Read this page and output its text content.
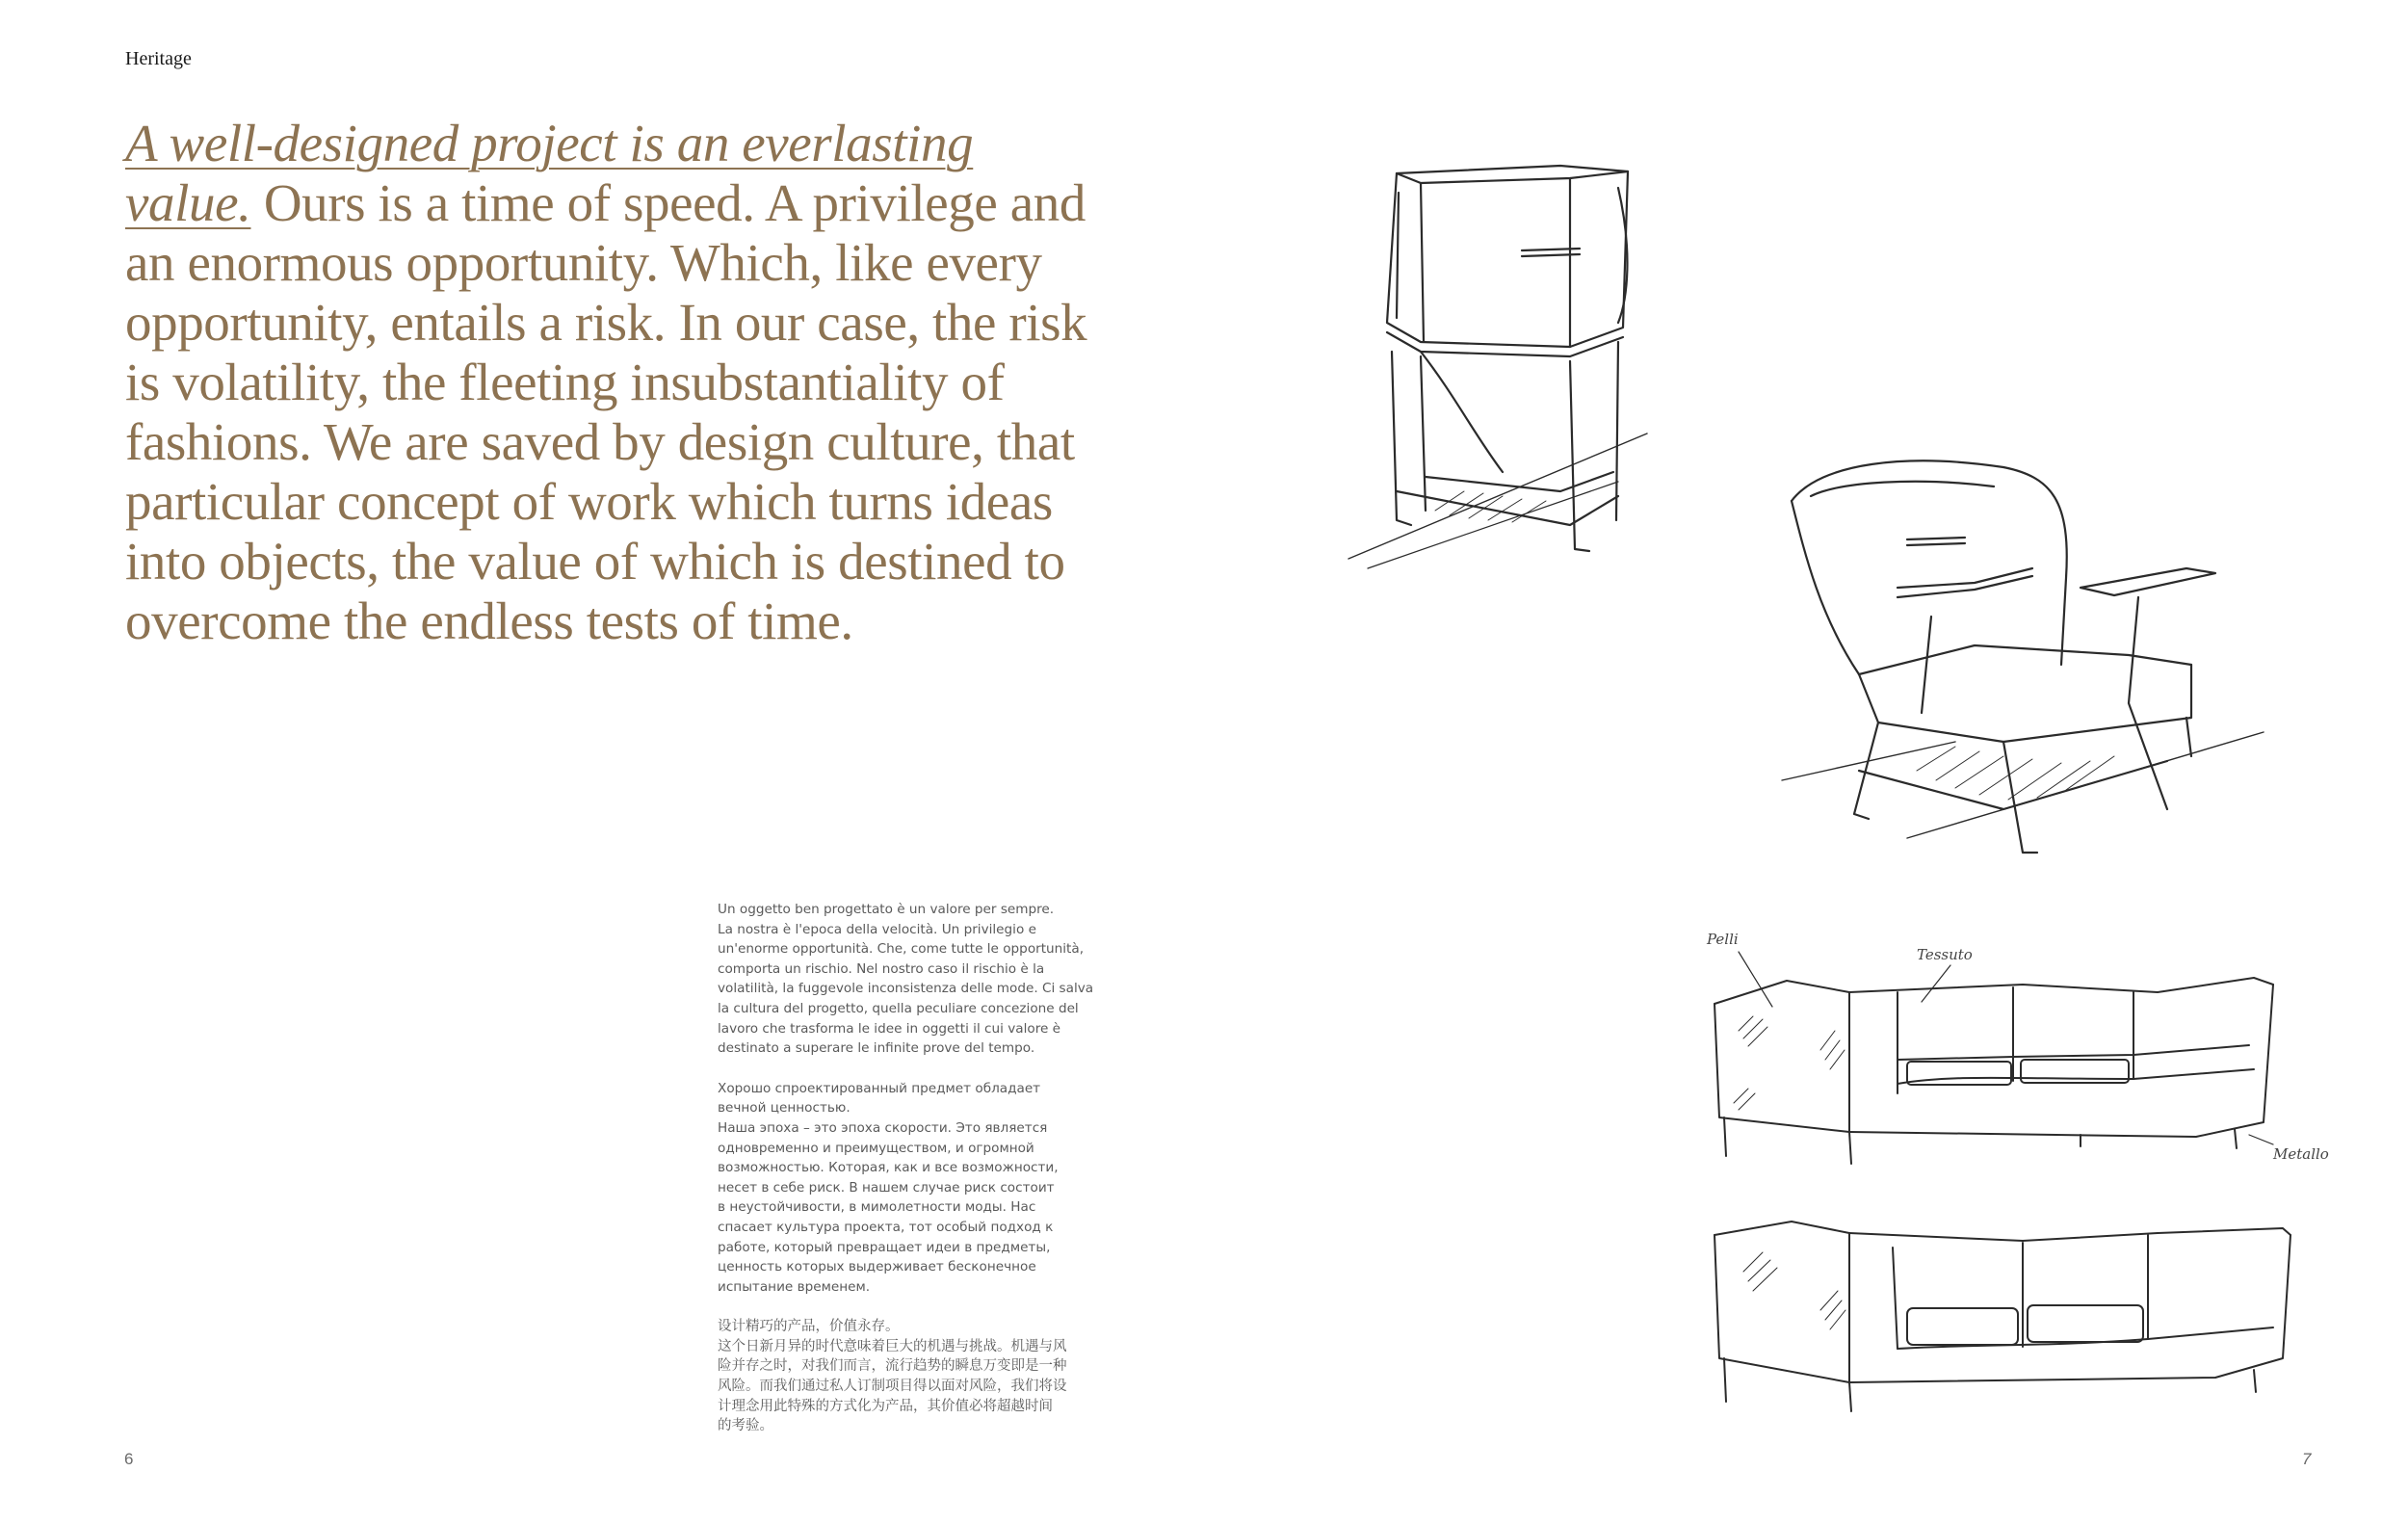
Heritage
A well-designed project is an everlasting value. Ours is a time of speed. A privilege and an enormous opportunity. Which, like every opportunity, entails a risk. In our case, the risk is volatility, the fleeting insubstantiality of fashions. We are saved by design culture, that particular concept of work which turns ideas into objects, the value of which is destined to overcome the endless tests of time.

Un oggetto ben progettato è un valore per sempre.
La nostra è l'epoca della velocità. Un privilegio e
un'enorme opportunità. Che, come tutte le opportunità,
comporta un rischio. Nel nostro caso il rischio è la
volatilità, la fuggevole inconsistenza delle mode. Ci salva
la cultura del progetto, quella peculiare concezione del
lavoro che trasforma le idee in oggetti il cui valore è
destinato a superare le infinite prove del tempo.

Хорошо спроектированный предмет обладает
вечной ценностью.
Наша эпоха – это эпоха скорости. Это является
одновременно и преимуществом, и огромной
возможностью. Которая, как и все возможности,
несет в себе риск. В нашем случае риск состоит
в неустойчивости, в мимолетности моды. Нас
спасает культура проекта, тот особый подход к
работе, который превращает идеи в предметы,
ценность которых выдерживает бесконечное
испытание временем.

设计精巧的产品，价值永存。
这个日新月异的时代意味着巨大的机遇与挑战。机遇与风
险并存之时，对我们而言，流行趋势的瞬息万变即是一种
风险。而我们通过私人订制项目得以面对风险，我们将设
计理念用此特殊的方式化为产品，其价值必将超越时间
的考验。

Pelli
Tessuto
Metallo
6	7
